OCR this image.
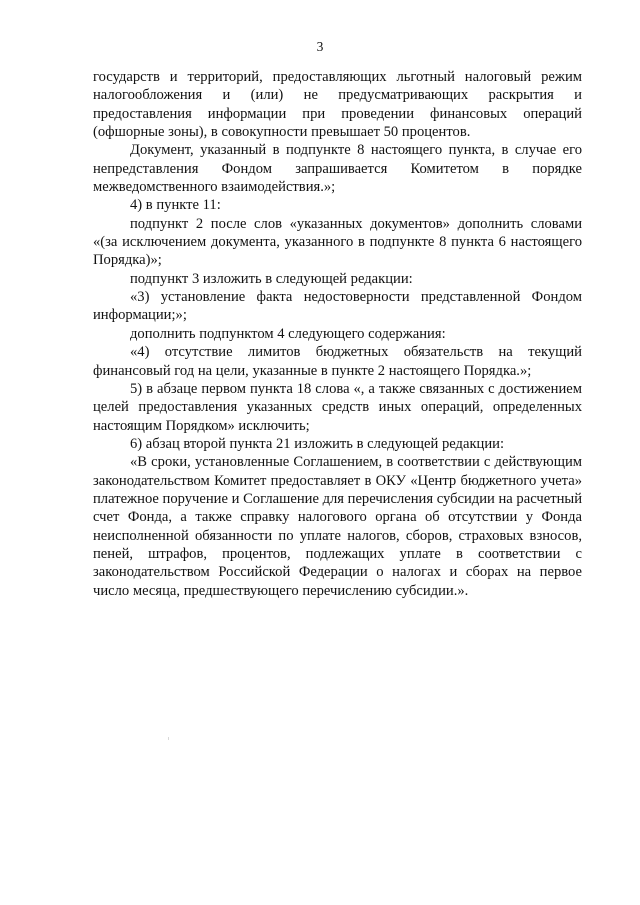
3

государств и территорий, предоставляющих льготный налоговый режим налогообложения и (или) не предусматривающих раскрытия и предоставления информации при проведении финансовых операций (офшорные зоны), в совокупности превышает 50 процентов.

Документ, указанный в подпункте 8 настоящего пункта, в случае его непредставления Фондом запрашивается Комитетом в порядке межведомственного взаимодействия.»;

4) в пункте 11:

подпункт 2 после слов «указанных документов» дополнить словами «(за исключением документа, указанного в подпункте 8 пункта 6 настоящего Порядка)»;

подпункт 3 изложить в следующей редакции:

«3) установление факта недостоверности представленной Фондом информации;»;

дополнить подпунктом 4 следующего содержания:

«4) отсутствие лимитов бюджетных обязательств на текущий финансовый год на цели, указанные в пункте 2 настоящего Порядка.»;

5) в абзаце первом пункта 18 слова «, а также связанных с достижением целей предоставления указанных средств иных операций, определенных настоящим Порядком» исключить;

6) абзац второй пункта 21 изложить в следующей редакции:

«В сроки, установленные Соглашением, в соответствии с действующим законодательством Комитет предоставляет в ОКУ «Центр бюджетного учета» платежное поручение и Соглашение для перечисления субсидии на расчетный счет Фонда, а также справку налогового органа об отсутствии у Фонда неисполненной обязанности по уплате налогов, сборов, страховых взносов, пеней, штрафов, процентов, подлежащих уплате в соответствии с законодательством Российской Федерации о налогах и сборах на первое число месяца, предшествующего перечислению субсидии.».
